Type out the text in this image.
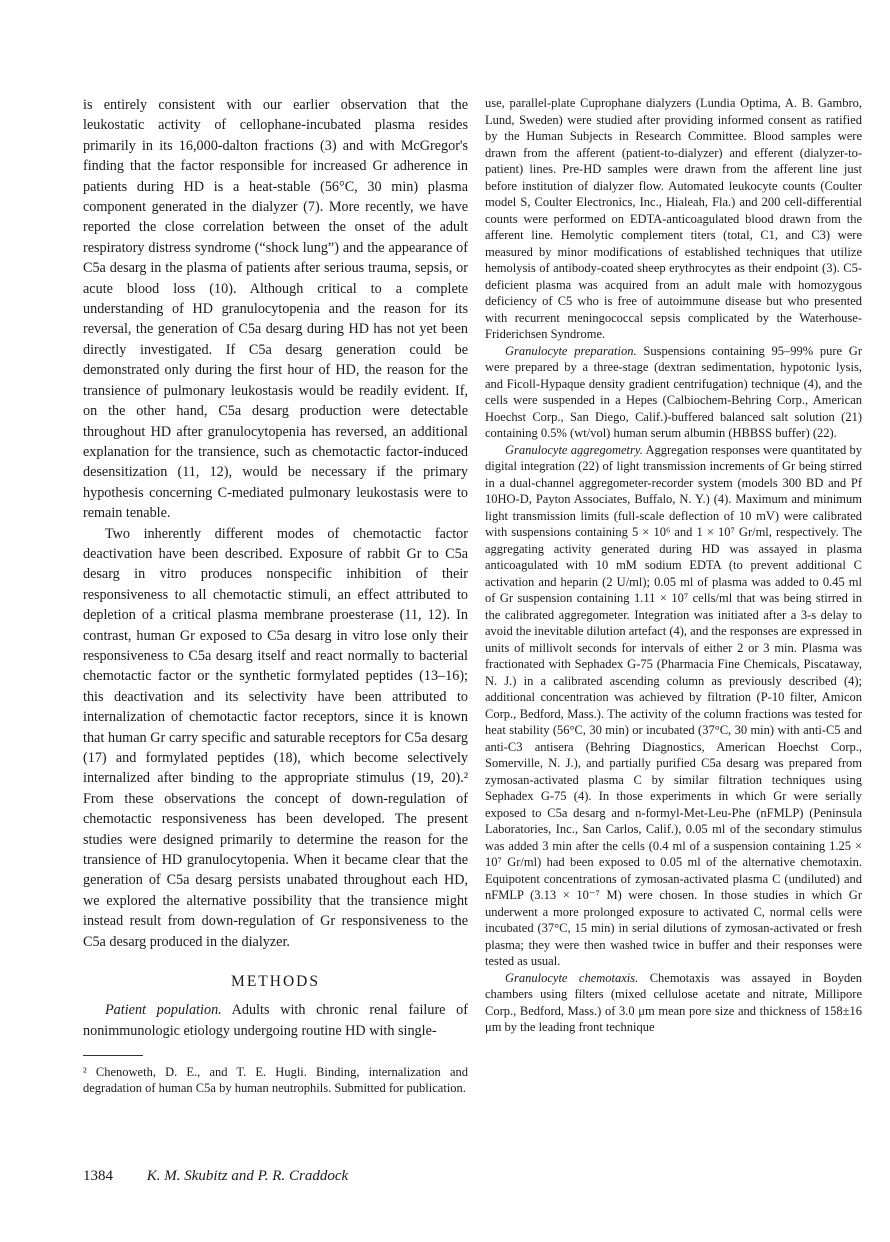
is entirely consistent with our earlier observation that the leukostatic activity of cellophane-incubated plasma resides primarily in its 16,000-dalton fractions (3) and with McGregor's finding that the factor responsible for increased Gr adherence in patients during HD is a heat-stable (56°C, 30 min) plasma component generated in the dialyzer (7). More recently, we have reported the close correlation between the onset of the adult respiratory distress syndrome (“shock lung”) and the appearance of C5a desarg in the plasma of patients after serious trauma, sepsis, or acute blood loss (10). Although critical to a complete understanding of HD granulocytopenia and the reason for its reversal, the generation of C5a desarg during HD has not yet been directly investigated. If C5a desarg generation could be demonstrated only during the first hour of HD, the reason for the transience of pulmonary leukostasis would be readily evident. If, on the other hand, C5a desarg production were detectable throughout HD after granulocytopenia has reversed, an additional explanation for the transience, such as chemotactic factor-induced desensitization (11, 12), would be necessary if the primary hypothesis concerning C-mediated pulmonary leukostasis were to remain tenable.

Two inherently different modes of chemotactic factor deactivation have been described. Exposure of rabbit Gr to C5a desarg in vitro produces nonspecific inhibition of their responsiveness to all chemotactic stimuli, an effect attributed to depletion of a critical plasma membrane proesterase (11, 12). In contrast, human Gr exposed to C5a desarg in vitro lose only their responsiveness to C5a desarg itself and react normally to bacterial chemotactic factor or the synthetic formylated peptides (13–16); this deactivation and its selectivity have been attributed to internalization of chemotactic factor receptors, since it is known that human Gr carry specific and saturable receptors for C5a desarg (17) and formylated peptides (18), which become selectively internalized after binding to the appropriate stimulus (19, 20).² From these observations the concept of down-regulation of chemotactic responsiveness has been developed. The present studies were designed primarily to determine the reason for the transience of HD granulocytopenia. When it became clear that the generation of C5a desarg persists unabated throughout each HD, we explored the alternative possibility that the transience might instead result from down-regulation of Gr responsiveness to the C5a desarg produced in the dialyzer.

METHODS

Patient population. Adults with chronic renal failure of nonimmunologic etiology undergoing routine HD with single-

² Chenoweth, D. E., and T. E. Hugli. Binding, internalization and degradation of human C5a by human neutrophils. Submitted for publication.

use, parallel-plate Cuprophane dialyzers (Lundia Optima, A. B. Gambro, Lund, Sweden) were studied after providing informed consent as ratified by the Human Subjects in Research Committee. Blood samples were drawn from the afferent (patient-to-dialyzer) and efferent (dialyzer-to-patient) lines. Pre-HD samples were drawn from the afferent line just before institution of dialyzer flow. Automated leukocyte counts (Coulter model S, Coulter Electronics, Inc., Hialeah, Fla.) and 200 cell-differential counts were performed on EDTA-anticoagulated blood drawn from the afferent line. Hemolytic complement titers (total, C1, and C3) were measured by minor modifications of established techniques that utilize hemolysis of antibody-coated sheep erythrocytes as their endpoint (3). C5-deficient plasma was acquired from an adult male with homozygous deficiency of C5 who is free of autoimmune disease but who presented with recurrent meningococcal sepsis complicated by the Waterhouse-Friderichsen Syndrome.

Granulocyte preparation. Suspensions containing 95–99% pure Gr were prepared by a three-stage (dextran sedimentation, hypotonic lysis, and Ficoll-Hypaque density gradient centrifugation) technique (4), and the cells were suspended in a Hepes (Calbiochem-Behring Corp., American Hoechst Corp., San Diego, Calif.)-buffered balanced salt solution (21) containing 0.5% (wt/vol) human serum albumin (HBBSS buffer) (22).

Granulocyte aggregometry. Aggregation responses were quantitated by digital integration (22) of light transmission increments of Gr being stirred in a dual-channel aggregometer-recorder system (models 300 BD and Pf 10HO-D, Payton Associates, Buffalo, N. Y.) (4). Maximum and minimum light transmission limits (full-scale deflection of 10 mV) were calibrated with suspensions containing 5 × 10⁶ and 1 × 10⁷ Gr/ml, respectively. The aggregating activity generated during HD was assayed in plasma anticoagulated with 10 mM sodium EDTA (to prevent additional C activation and heparin (2 U/ml); 0.05 ml of plasma was added to 0.45 ml of Gr suspension containing 1.11 × 10⁷ cells/ml that was being stirred in the calibrated aggregometer. Integration was initiated after a 3-s delay to avoid the inevitable dilution artefact (4), and the responses are expressed in units of millivolt seconds for intervals of either 2 or 3 min. Plasma was fractionated with Sephadex G-75 (Pharmacia Fine Chemicals, Piscataway, N. J.) in a calibrated ascending column as previously described (4); additional concentration was achieved by filtration (P-10 filter, Amicon Corp., Bedford, Mass.). The activity of the column fractions was tested for heat stability (56°C, 30 min) or incubated (37°C, 30 min) with anti-C5 and anti-C3 antisera (Behring Diagnostics, American Hoechst Corp., Somerville, N. J.), and partially purified C5a desarg was prepared from zymosan-activated plasma C by similar filtration techniques using Sephadex G-75 (4). In those experiments in which Gr were serially exposed to C5a desarg and n-formyl-Met-Leu-Phe (nFMLP) (Peninsula Laboratories, Inc., San Carlos, Calif.), 0.05 ml of the secondary stimulus was added 3 min after the cells (0.4 ml of a suspension containing 1.25 × 10⁷ Gr/ml) had been exposed to 0.05 ml of the alternative chemotaxin. Equipotent concentrations of zymosan-activated plasma C (undiluted) and nFMLP (3.13 × 10⁻⁷ M) were chosen. In those studies in which Gr underwent a more prolonged exposure to activated C, normal cells were incubated (37°C, 15 min) in serial dilutions of zymosan-activated or fresh plasma; they were then washed twice in buffer and their responses were tested as usual.

Granulocyte chemotaxis. Chemotaxis was assayed in Boyden chambers using filters (mixed cellulose acetate and nitrate, Millipore Corp., Bedford, Mass.) of 3.0 μm mean pore size and thickness of 158±16 μm by the leading front technique

1384 K. M. Skubitz and P. R. Craddock
